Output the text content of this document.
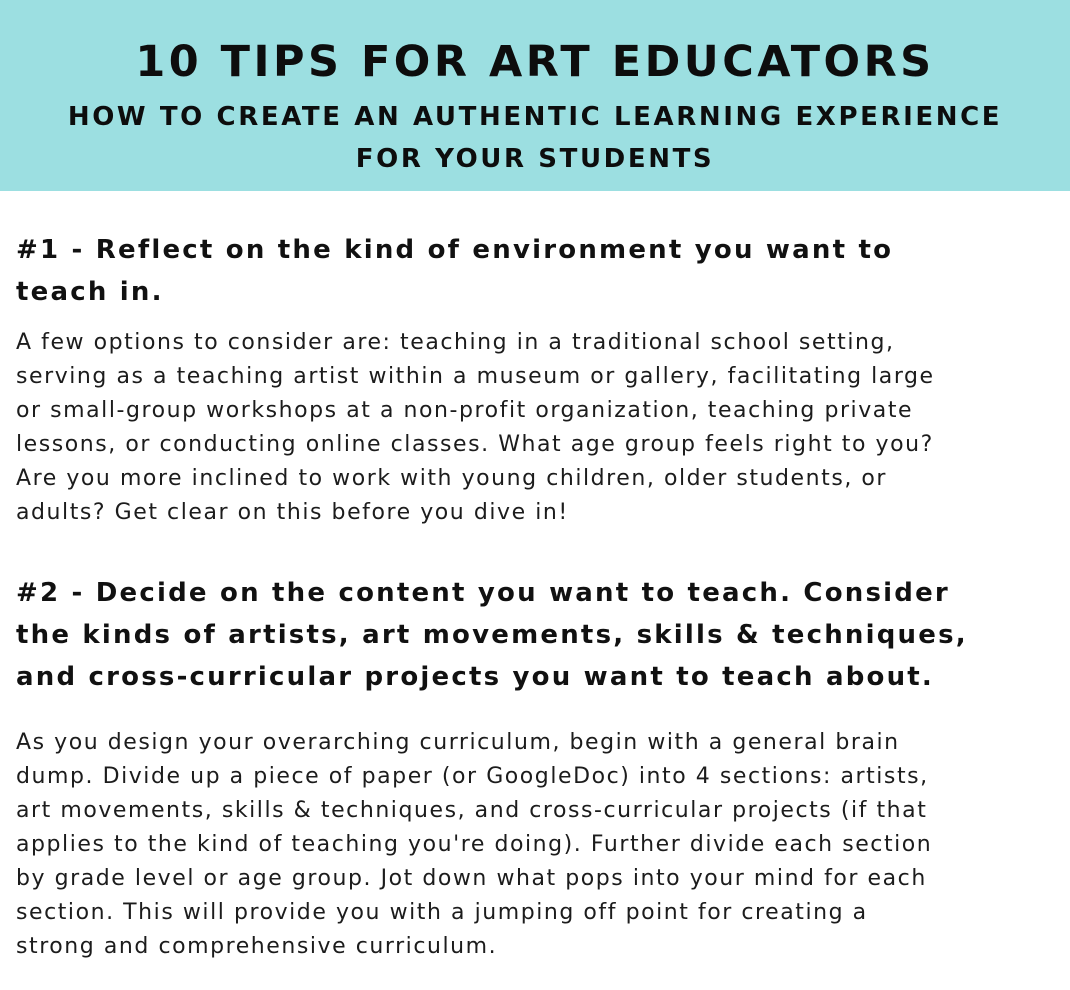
10 TIPS FOR ART EDUCATORS
HOW TO CREATE AN AUTHENTIC LEARNING EXPERIENCE
FOR YOUR STUDENTS
#1 - Reflect on the kind of environment you want to
teach in.

A few options to consider are: teaching in a traditional school setting,
serving as a teaching artist within a museum or gallery, facilitating large
or small-group workshops at a non-profit organization, teaching private
lessons, or conducting online classes. What age group feels right to you?
Are you more inclined to work with young children, older students, or
adults? Get clear on this before you dive in!

#2 - Decide on the content you want to teach. Consider
the kinds of artists, art movements, skills & techniques,
and cross-curricular projects you want to teach about.

As you design your overarching curriculum, begin with a general brain
dump. Divide up a piece of paper (or GoogleDoc) into 4 sections: artists,
art movements, skills & techniques, and cross-curricular projects (if that
applies to the kind of teaching you're doing). Further divide each section
by grade level or age group. Jot down what pops into your mind for each
section. This will provide you with a jumping off point for creating a
strong and comprehensive curriculum.
